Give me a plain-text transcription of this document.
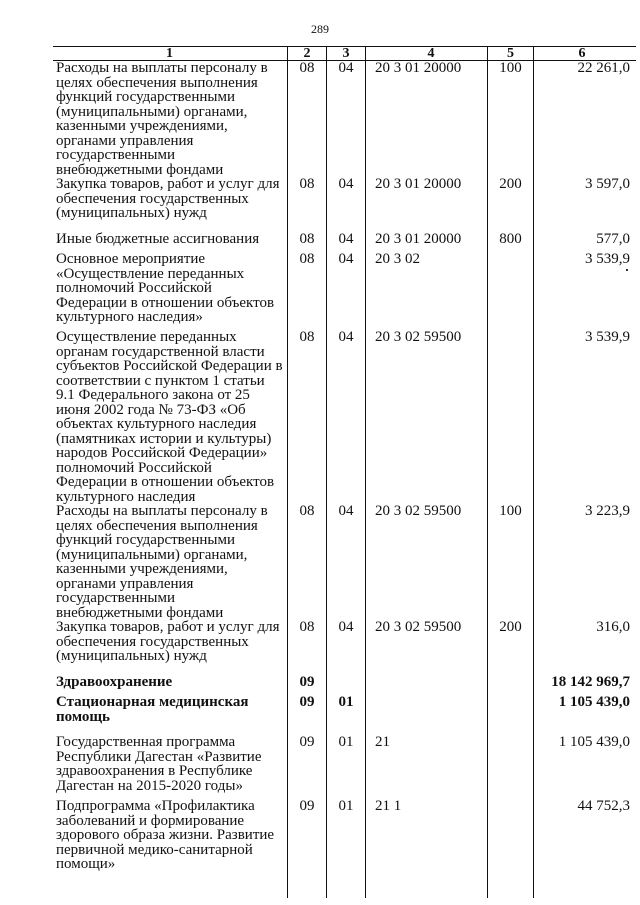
289
1	2	3	4	5	6
Расходы на выплаты персоналу в целях обеспечения выполнения функций государственными (муниципальными) органами, казенными учреждениями, органами управления государственными внебюджетными фондами	08	04	20 3 01 20000	100	22 261,0
Закупка товаров, работ и услуг для обеспечения государственных (муниципальных) нужд	08	04	20 3 01 20000	200	3 597,0
Иные бюджетные ассигнования	08	04	20 3 01 20000	800	577,0
Основное мероприятие «Осуществление переданных полномочий Российской Федерации в отношении объектов культурного наследия»	08	04	20 3 02		3 539,9
Осуществление переданных органам государственной власти субъектов Российской Федерации в соответствии с пунктом 1 статьи 9.1 Федерального закона от 25 июня 2002 года № 73-ФЗ «Об объектах культурного наследия (памятниках истории и культуры) народов Российской Федерации» полномочий Российской Федерации в отношении объектов культурного наследия	08	04	20 3 02 59500		3 539,9
Расходы на выплаты персоналу в целях обеспечения выполнения функций государственными (муниципальными) органами, казенными учреждениями, органами управления государственными внебюджетными фондами	08	04	20 3 02 59500	100	3 223,9
Закупка товаров, работ и услуг для обеспечения государственных (муниципальных) нужд	08	04	20 3 02 59500	200	316,0
Здравоохранение	09				18 142 969,7
Стационарная медицинская помощь	09	01			1 105 439,0
Государственная программа Республики Дагестан «Развитие здравоохранения в Республике Дагестан на 2015-2020 годы»	09	01	21		1 105 439,0
Подпрограмма «Профилактика заболеваний и формирование здорового образа жизни. Развитие первичной медико-санитарной помощи»	09	01	21 1		44 752,3
